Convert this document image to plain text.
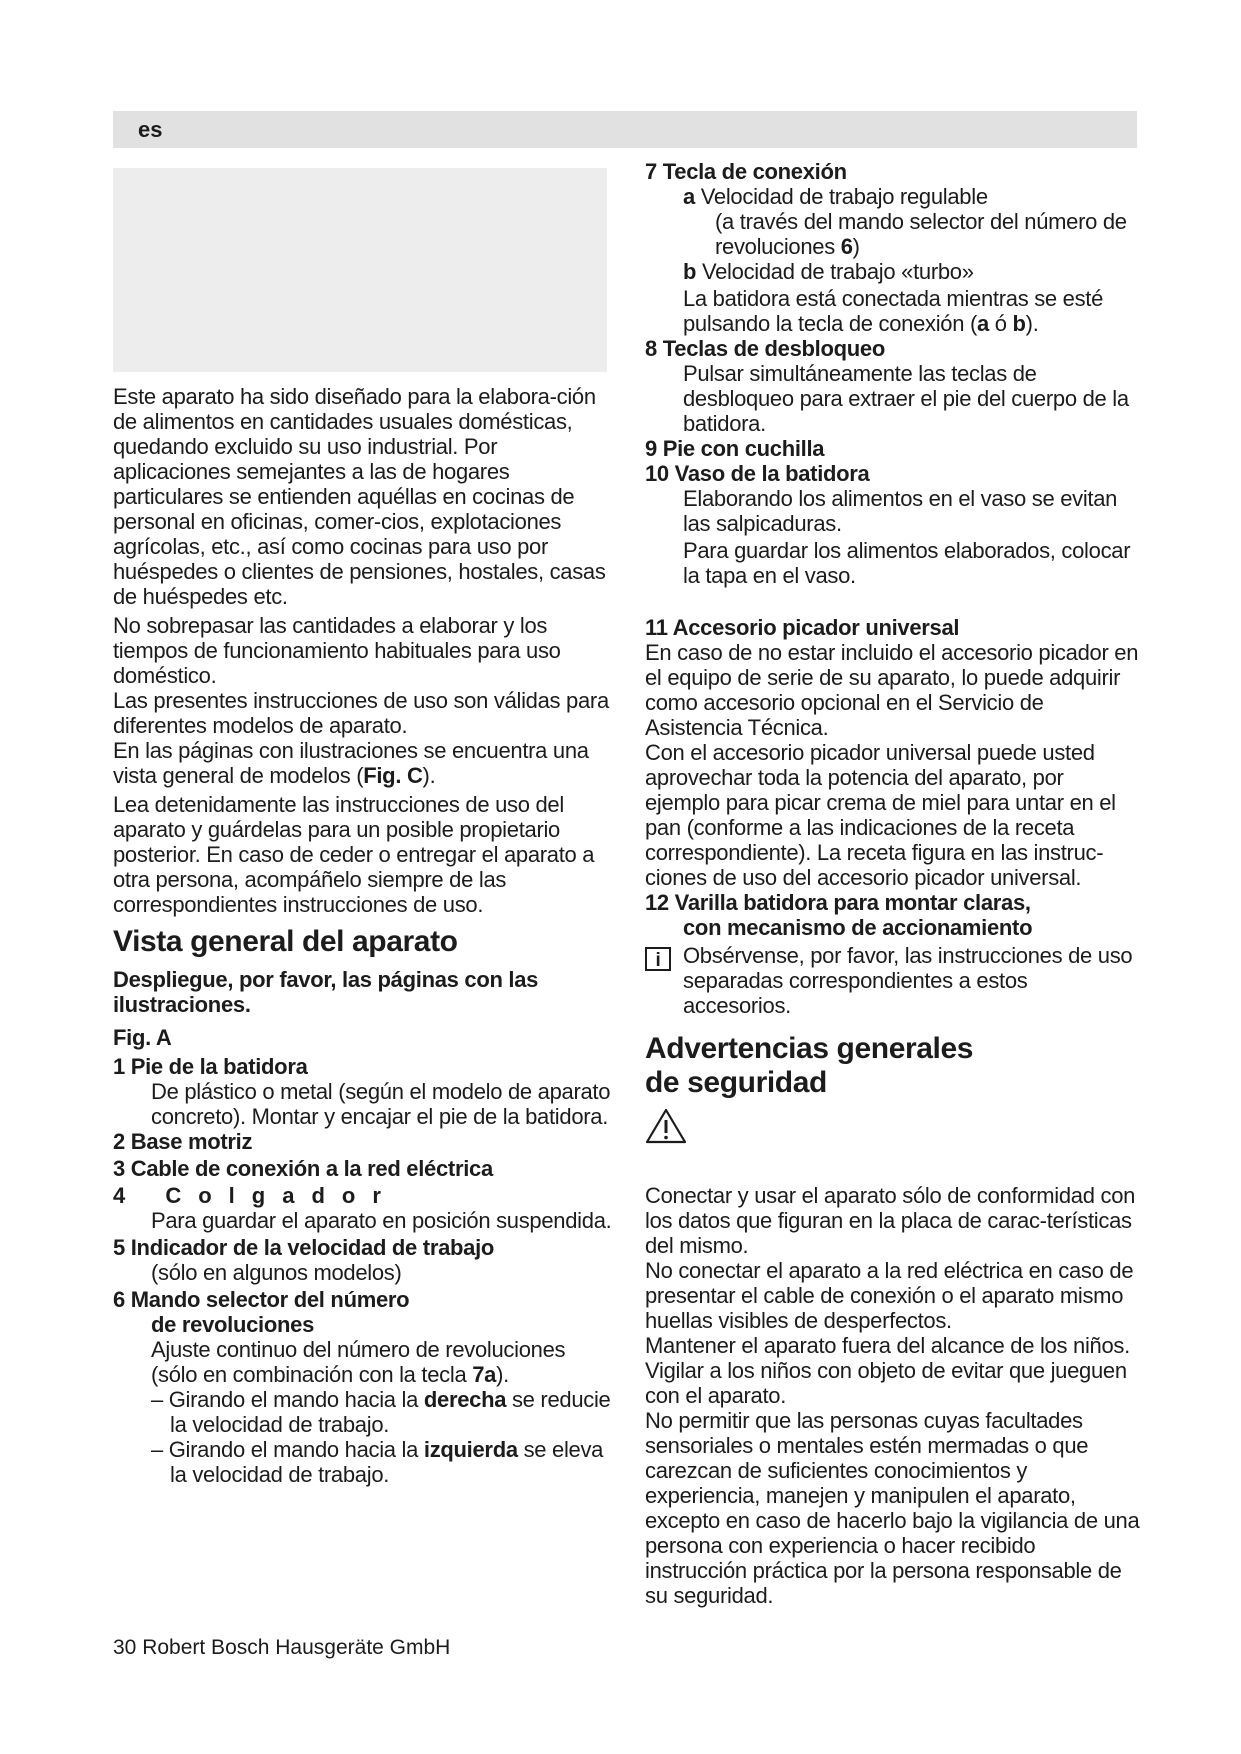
es

Este aparato ha sido diseñado para la elabora-ción de alimentos en cantidades usuales domésticas, quedando excluido su uso industrial. Por aplicaciones semejantes a las de hogares particulares se entienden aquéllas en cocinas de personal en oficinas, comer-cios, explotaciones agrícolas, etc., así como cocinas para uso por huéspedes o clientes de pensiones, hostales, casas de huéspedes etc.

No sobrepasar las cantidades a elaborar y los tiempos de funcionamiento habituales para uso doméstico.

Las presentes instrucciones de uso son válidas para diferentes modelos de aparato.

En las páginas con ilustraciones se encuentra una vista general de modelos (Fig. C).

Lea detenidamente las instrucciones de uso del aparato y guárdelas para un posible propietario posterior. En caso de ceder o entregar el aparato a otra persona, acompáñelo siempre de las correspondientes instrucciones de uso.

Vista general del aparato

Despliegue, por favor, las páginas con las ilustraciones.

Fig. A

1 Pie de la batidora

De plástico o metal (según el modelo de aparato concreto). Montar y encajar el pie de la batidora.

2 Base motriz

3 Cable de conexión a la red eléctrica

4 Colgador

Para guardar el aparato en posición suspendida.

5 Indicador de la velocidad de trabajo

(sólo en algunos modelos)

6 Mando selector del número

de revoluciones

Ajuste continuo del número de revoluciones (sólo en combinación con la tecla 7a).

– Girando el mando hacia la derecha se reducie la velocidad de trabajo.

– Girando el mando hacia la izquierda se eleva la velocidad de trabajo.

7 Tecla de conexión

a Velocidad de trabajo regulable

(a través del mando selector del número de revoluciones 6)

b Velocidad de trabajo «turbo»

La batidora está conectada mientras se esté pulsando la tecla de conexión (a ó b).

8 Teclas de desbloqueo

Pulsar simultáneamente las teclas de desbloqueo para extraer el pie del cuerpo de la batidora.

9 Pie con cuchilla

10 Vaso de la batidora

Elaborando los alimentos en el vaso se evitan las salpicaduras.

Para guardar los alimentos elaborados, colocar la tapa en el vaso.

11 Accesorio picador universal

En caso de no estar incluido el accesorio picador en el equipo de serie de su aparato, lo puede adquirir como accesorio opcional en el Servicio de Asistencia Técnica.

Con el accesorio picador universal puede usted aprovechar toda la potencia del aparato, por ejemplo para picar crema de miel para untar en el pan (conforme a las indicaciones de la receta correspondiente). La receta figura en las instruc-ciones de uso del accesorio picador universal.

12 Varilla batidora para montar claras,

con mecanismo de accionamiento

i	Obsérvense, por favor, las instrucciones de uso separadas correspondientes a estos accesorios.

Advertencias generales de seguridad

Conectar y usar el aparato sólo de conformidad con los datos que figuran en la placa de carac-terísticas del mismo.

No conectar el aparato a la red eléctrica en caso de presentar el cable de conexión o el aparato mismo huellas visibles de desperfectos.

Mantener el aparato fuera del alcance de los niños. Vigilar a los niños con objeto de evitar que jueguen con el aparato.

No permitir que las personas cuyas facultades sensoriales o mentales estén mermadas o que carezcan de suficientes conocimientos y experiencia, manejen y manipulen el aparato, excepto en caso de hacerlo bajo la vigilancia de una persona con experiencia o hacer recibido instrucción práctica por la persona responsable de su seguridad.

30 Robert Bosch Hausgeräte GmbH
